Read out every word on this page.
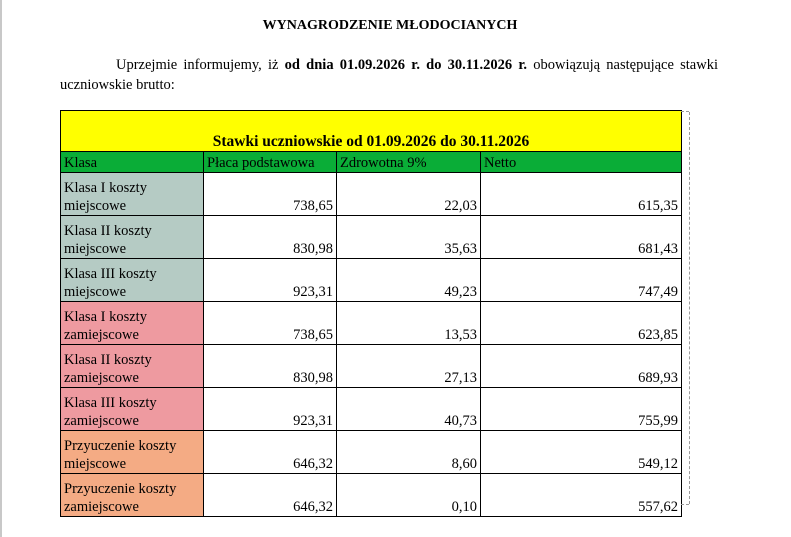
WYNAGRODZENIE MŁODOCIANYCH
Uprzejmie informujemy, iż od dnia 01.09.2026 r. do 30.11.2026 r. obowiązują następujące stawki uczniowskie brutto:
Stawki uczniowskie od 01.09.2026 do 30.11.2026			
Klasa	Płaca podstawowa	Zdrowotna 9%	Netto

Klasa I koszty miejscowe	738,65	22,03	615,35

Klasa II koszty miejscowe	830,98	35,63	681,43

Klasa III koszty miejscowe	923,31	49,23	747,49

Klasa I koszty zamiejscowe	738,65	13,53	623,85

Klasa II koszty zamiejscowe	830,98	27,13	689,93

Klasa III koszty zamiejscowe	923,31	40,73	755,99

Przyuczenie koszty miejscowe	646,32	8,60	549,12

Przyuczenie koszty zamiejscowe	646,32	0,10	557,62
